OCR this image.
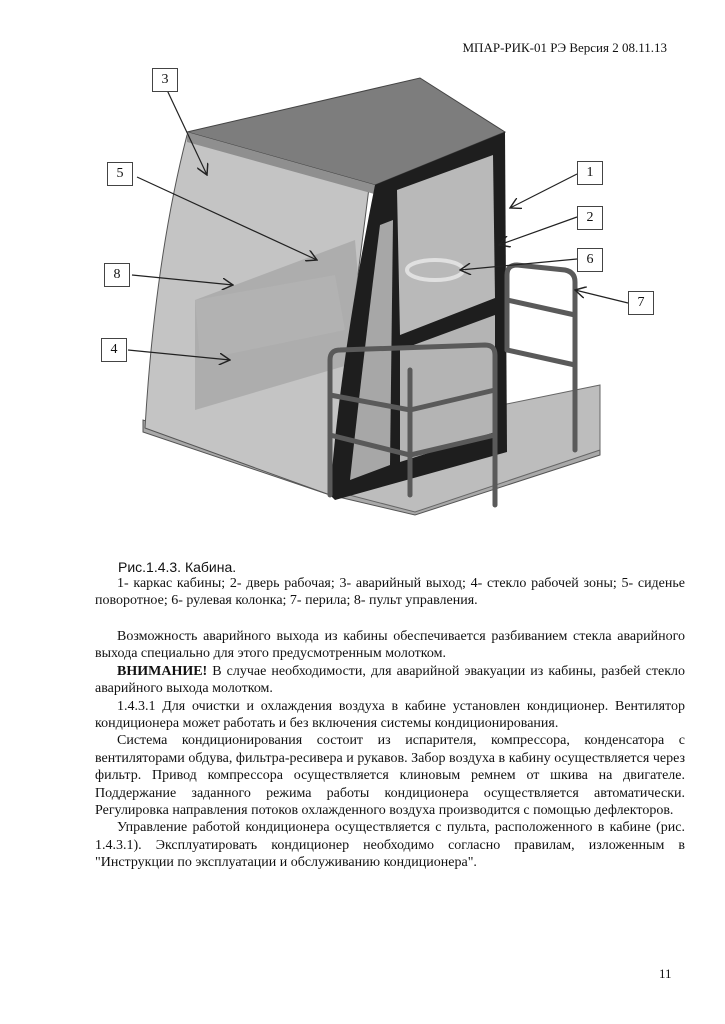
МПАР-РИК-01 РЭ Версия 2 08.11.13
3
5
8
4
1
2
6
7
Рис.1.4.3. Кабина.

1- каркас кабины; 2- дверь рабочая; 3- аварийный выход; 4- стекло рабочей зоны; 5- сиденье поворотное; 6- рулевая колонка; 7- перила; 8- пульт управления.

Возможность аварийного выхода из кабины обеспечивается разбиванием стекла аварийного выхода специально для этого предусмотренным молотком.

ВНИМАНИЕ! В случае необходимости, для аварийной эвакуации из кабины, разбей стекло аварийного выхода молотком.

1.4.3.1 Для очистки и охлаждения воздуха в кабине установлен кондиционер. Вентилятор кондиционера может работать и без включения системы кондиционирования.

Система кондиционирования состоит из испарителя, компрессора, конденсатора с вентиляторами обдува, фильтра-ресивера и рукавов. Забор воздуха в кабину осуществляется через фильтр. Привод компрессора осуществляется клиновым ремнем от шкива на двигателе. Поддержание заданного режима работы кондиционера осуществляется автоматически. Регулировка направления потоков охлажденного воздуха производится с помощью дефлекторов.

Управление работой кондиционера осуществляется с пульта, расположенного в кабине (рис. 1.4.3.1). Эксплуатировать кондиционер необходимо согласно правилам, изложенным в "Инструкции по эксплуатации и обслуживанию кондиционера".

11
